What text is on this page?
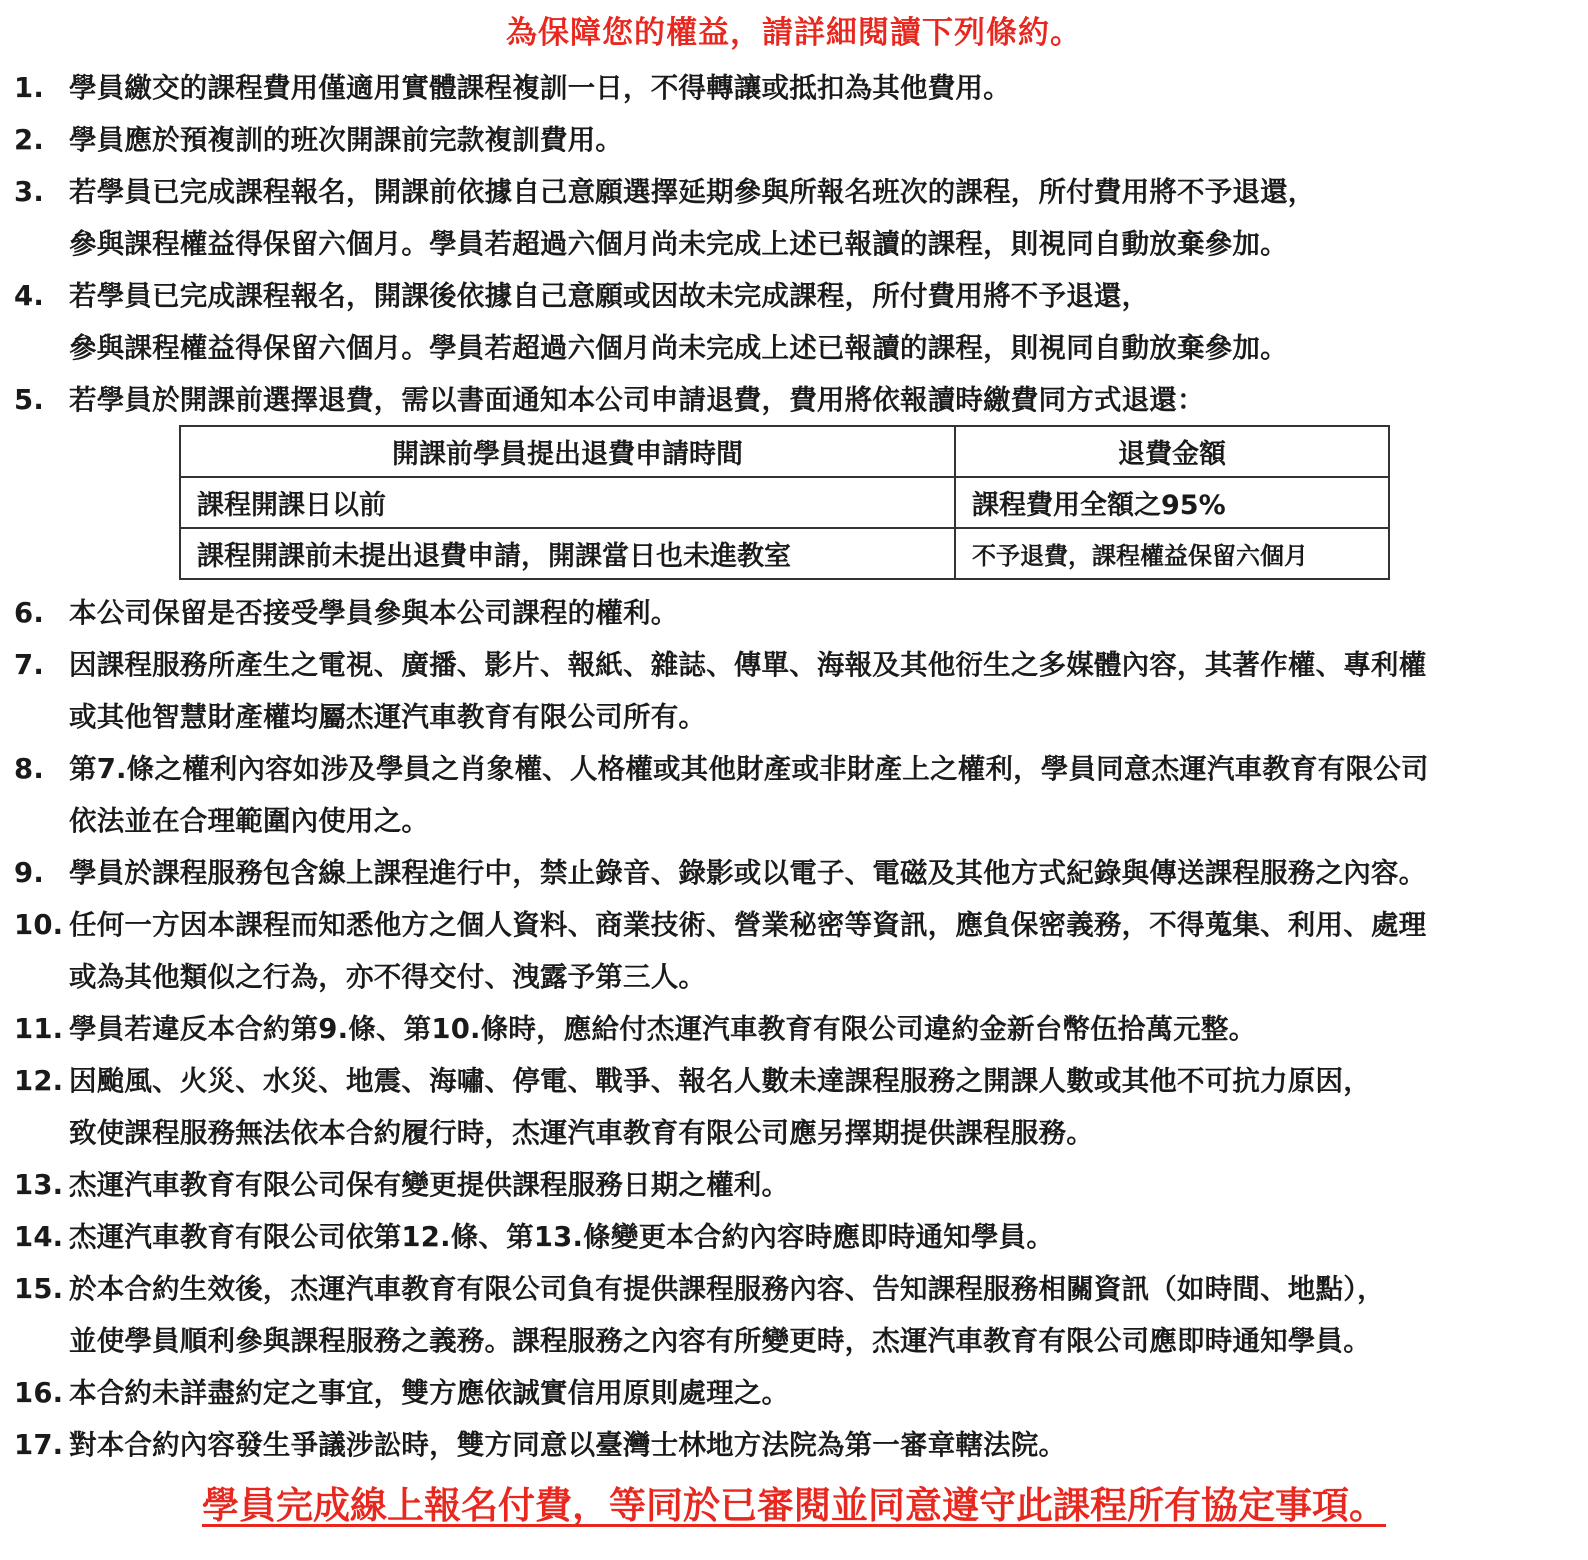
為保障您的權益，請詳細閱讀下列條約。
1. 學員繳交的課程費用僅適用實體課程複訓一日，不得轉讓或抵扣為其他費用。
2. 學員應於預複訓的班次開課前完款複訓費用。
3. 若學員已完成課程報名，開課前依據自己意願選擇延期參與所報名班次的課程，所付費用將不予退還，
參與課程權益得保留六個月。學員若超過六個月尚未完成上述已報讀的課程，則視同自動放棄參加。
4. 若學員已完成課程報名，開課後依據自己意願或因故未完成課程，所付費用將不予退還，
參與課程權益得保留六個月。學員若超過六個月尚未完成上述已報讀的課程，則視同自動放棄參加。
5. 若學員於開課前選擇退費，需以書面通知本公司申請退費，費用將依報讀時繳費同方式退還：
開課前學員提出退費申請時間	退費金額
課程開課日以前	課程費用全額之95%
課程開課前未提出退費申請，開課當日也未進教室	不予退費，課程權益保留六個月
6. 本公司保留是否接受學員參與本公司課程的權利。
7. 因課程服務所產生之電視、廣播、影片、報紙、雜誌、傳單、海報及其他衍生之多媒體內容，其著作權、專利權
或其他智慧財產權均屬杰運汽車教育有限公司所有。
8. 第7.條之權利內容如涉及學員之肖象權、人格權或其他財產或非財產上之權利，學員同意杰運汽車教育有限公司
依法並在合理範圍內使用之。
9. 學員於課程服務包含線上課程進行中，禁止錄音、錄影或以電子、電磁及其他方式紀錄與傳送課程服務之內容。
10. 任何一方因本課程而知悉他方之個人資料、商業技術、營業秘密等資訊，應負保密義務，不得蒐集、利用、處理
或為其他類似之行為，亦不得交付、洩露予第三人。
11. 學員若違反本合約第9.條、第10.條時，應給付杰運汽車教育有限公司違約金新台幣伍拾萬元整。
12. 因颱風、火災、水災、地震、海嘯、停電、戰爭、報名人數未達課程服務之開課人數或其他不可抗力原因，
致使課程服務無法依本合約履行時，杰運汽車教育有限公司應另擇期提供課程服務。
13. 杰運汽車教育有限公司保有變更提供課程服務日期之權利。
14. 杰運汽車教育有限公司依第12.條、第13.條變更本合約內容時應即時通知學員。
15. 於本合約生效後，杰運汽車教育有限公司負有提供課程服務內容、告知課程服務相關資訊（如時間、地點），
並使學員順利參與課程服務之義務。課程服務之內容有所變更時，杰運汽車教育有限公司應即時通知學員。
16. 本合約未詳盡約定之事宜，雙方應依誠實信用原則處理之。
17. 對本合約內容發生爭議涉訟時，雙方同意以臺灣士林地方法院為第一審章轄法院。
學員完成線上報名付費，等同於已審閱並同意遵守此課程所有協定事項。
